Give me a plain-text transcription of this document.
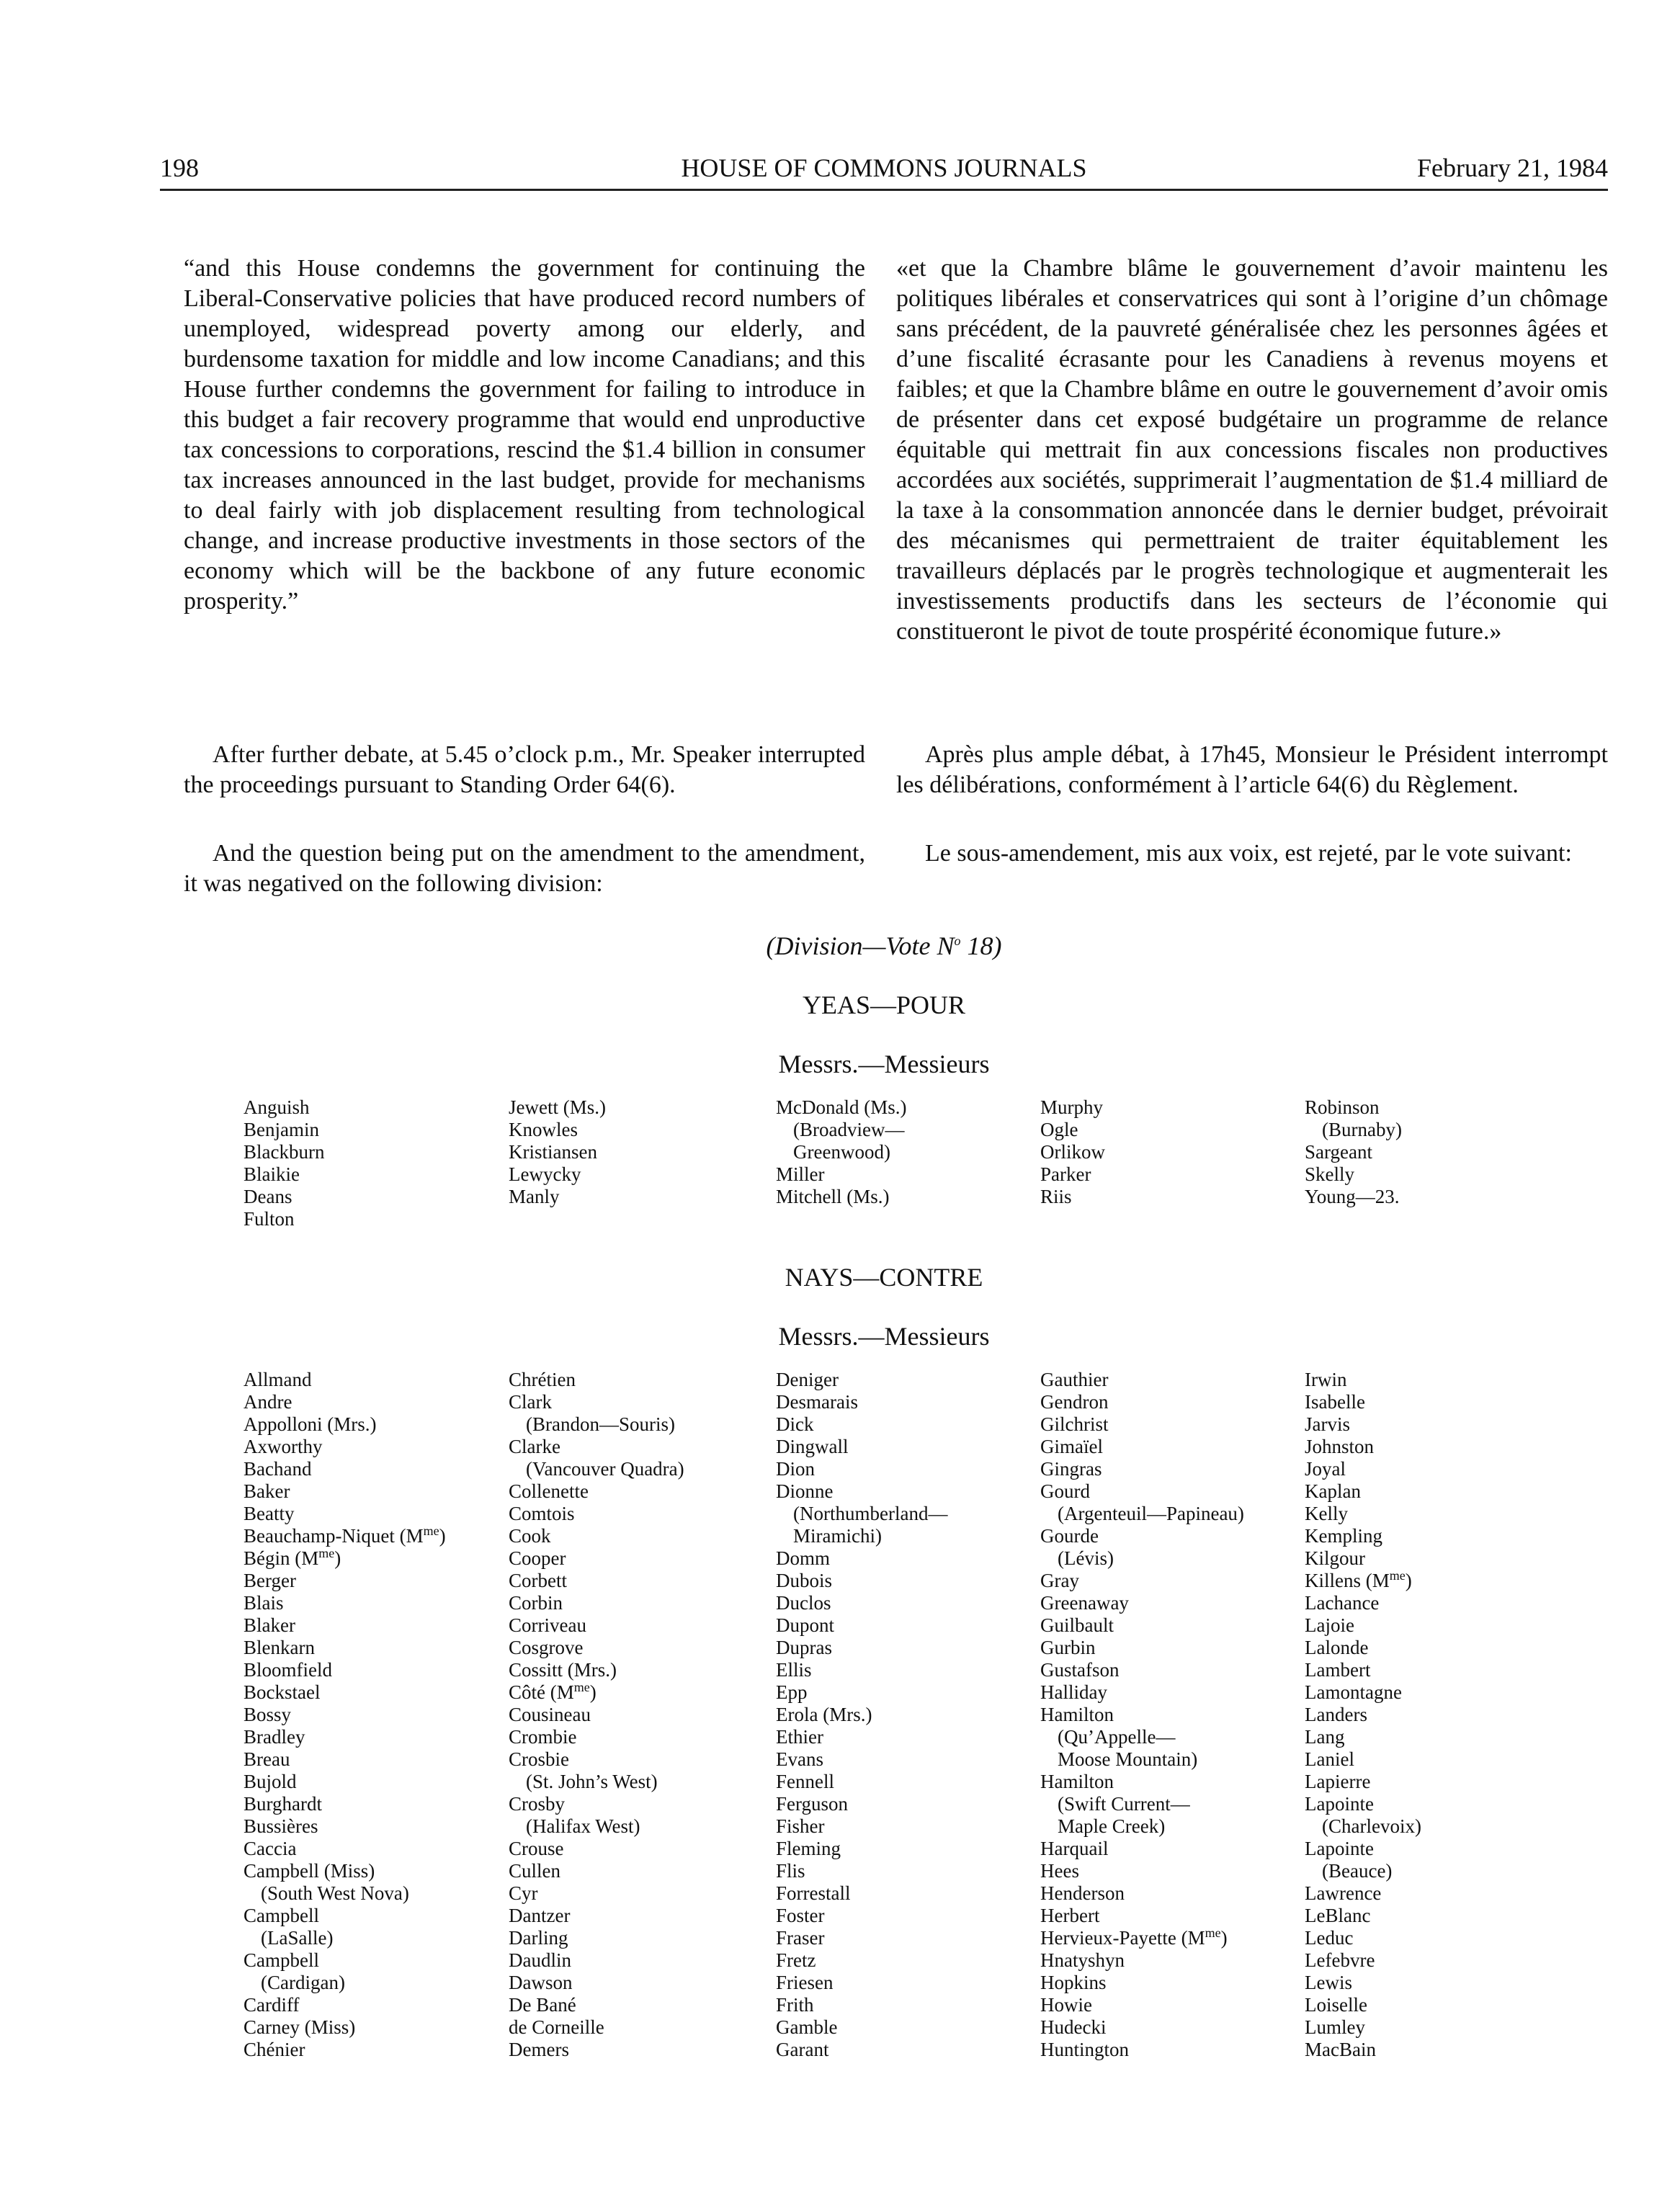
198	HOUSE OF COMMONS JOURNALS	February 21, 1984

“and this House condemns the government for continuing the Liberal-Conservative policies that have produced record numbers of unemployed, widespread poverty among our elderly, and burdensome taxation for middle and low income Canadians; and this House further condemns the government for failing to introduce in this budget a fair recovery programme that would end unproductive tax concessions to corporations, rescind the $1.4 billion in consumer tax increases announced in the last budget, provide for mechanisms to deal fairly with job displacement resulting from technological change, and increase productive investments in those sectors of the economy which will be the backbone of any future economic prosperity.”

After further debate, at 5.45 o’clock p.m., Mr. Speaker interrupted the proceedings pursuant to Standing Order 64(6).

And the question being put on the amendment to the amendment, it was negatived on the following division:

«et que la Chambre blâme le gouvernement d’avoir maintenu les politiques libérales et conservatrices qui sont à l’origine d’un chômage sans précédent, de la pauvreté généralisée chez les personnes âgées et d’une fiscalité écrasante pour les Canadiens à revenus moyens et faibles; et que la Chambre blâme en outre le gouvernement d’avoir omis de présenter dans cet exposé budgétaire un programme de relance équitable qui mettrait fin aux concessions fiscales non productives accordées aux sociétés, supprimerait l’augmentation de $1.4 milliard de la taxe à la consommation annoncée dans le dernier budget, prévoirait des mécanismes qui permettraient de traiter équitablement les travailleurs déplacés par le progrès technologique et augmenterait les investissements productifs dans les secteurs de l’économie qui constitueront le pivot de toute prospérité économique future.»

Après plus ample débat, à 17h45, Monsieur le Président interrompt les délibérations, conformément à l’article 64(6) du Règlement.

Le sous-amendement, mis aux voix, est rejeté, par le vote suivant:

(Division—Vote $N^o$ 18)
YEAS—POUR
Messrs.—Messieurs
Anguish
Benjamin
Blackburn
Blaikie
Deans
Fulton
Jewett (Ms.)
Knowles
Kristiansen
Lewycky
Manly
McDonald (Ms.)
(Broadview—
Greenwood)
Miller
Mitchell (Ms.)
Murphy
Ogle
Orlikow
Parker
Riis
Robinson
(Burnaby)
Sargeant
Skelly
Young—23.
NAYS—CONTRE
Messrs.—Messieurs
Allmand
Andre
Appolloni (Mrs.)
Axworthy
Bachand
Baker
Beatty
Beauchamp-Niquet $(M^{me})$
Bégin $(M^{me})$
Berger
Blais
Blaker
Blenkarn
Bloomfield
Bockstael
Bossy
Bradley
Breau
Bujold
Burghardt
Bussières
Caccia
Campbell (Miss)
(South West Nova)
Campbell
(LaSalle)
Campbell
(Cardigan)
Cardiff
Carney (Miss)
Chénier
Chrétien
Clark
(Brandon—Souris)
Clarke
(Vancouver Quadra)
Collenette
Comtois
Cook
Cooper
Corbett
Corbin
Corriveau
Cosgrove
Cossitt (Mrs.)
Côté $(M^{me})$
Cousineau
Crombie
Crosbie
(St. John’s West)
Crosby
(Halifax West)
Crouse
Cullen
Cyr
Dantzer
Darling
Daudlin
Dawson
De Bané
de Corneille
Demers
Deniger
Desmarais
Dick
Dingwall
Dion
Dionne
(Northumberland—
Miramichi)
Domm
Dubois
Duclos
Dupont
Dupras
Ellis
Epp
Erola (Mrs.)
Ethier
Evans
Fennell
Ferguson
Fisher
Fleming
Flis
Forrestall
Foster
Fraser
Fretz
Friesen
Frith
Gamble
Garant
Gauthier
Gendron
Gilchrist
Gimaïel
Gingras
Gourd
(Argenteuil—Papineau)
Gourde
(Lévis)
Gray
Greenaway
Guilbault
Gurbin
Gustafson
Halliday
Hamilton
(Qu’Appelle—
Moose Mountain)
Hamilton
(Swift Current—
Maple Creek)
Harquail
Hees
Henderson
Herbert
Hervieux-Payette $(M^{me})$
Hnatyshyn
Hopkins
Howie
Hudecki
Huntington
Irwin
Isabelle
Jarvis
Johnston
Joyal
Kaplan
Kelly
Kempling
Kilgour
Killens $(M^{me})$
Lachance
Lajoie
Lalonde
Lambert
Lamontagne
Landers
Lang
Laniel
Lapierre
Lapointe
(Charlevoix)
Lapointe
(Beauce)
Lawrence
LeBlanc
Leduc
Lefebvre
Lewis
Loiselle
Lumley
MacBain
